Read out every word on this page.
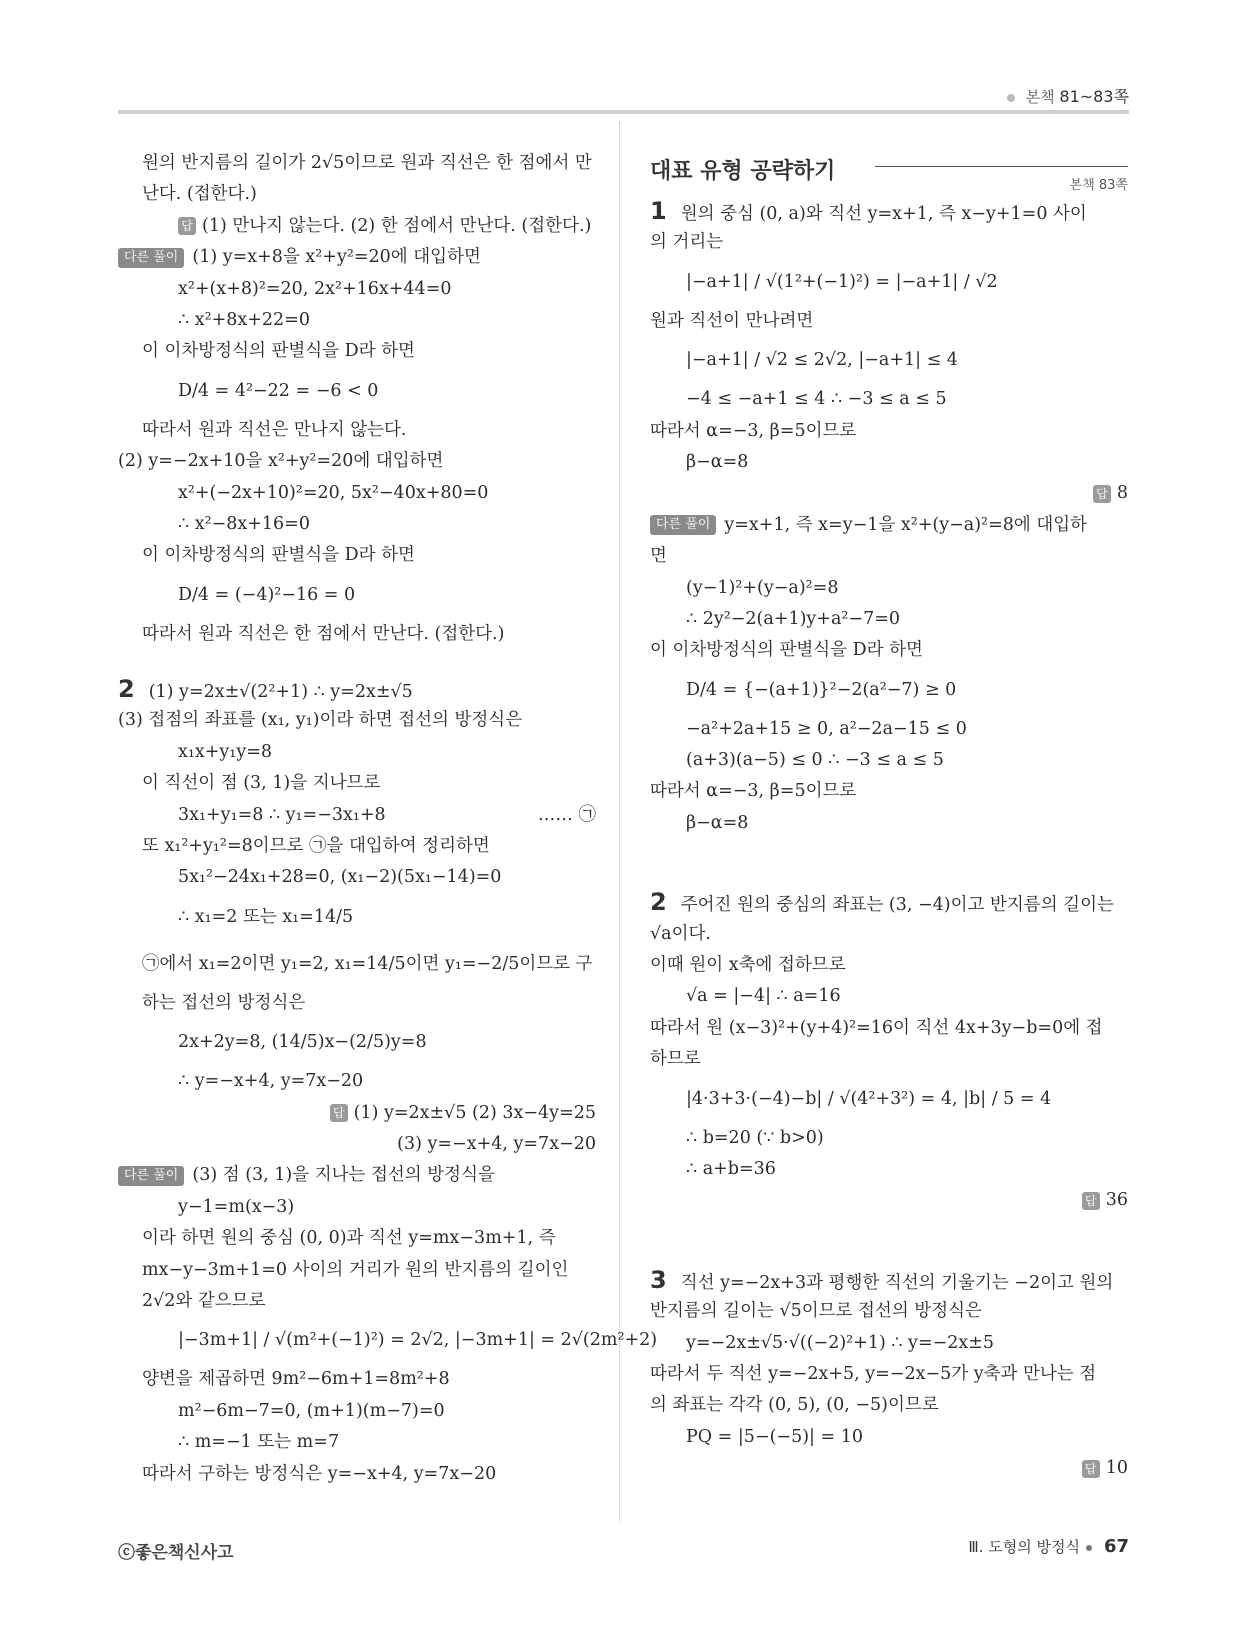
본책 81~83쪽
원의 반지름의 길이가 2√5이므로 원과 직선은 한 점에서 만
난다. (접한다.)
답 (1) 만나지 않는다. (2) 한 점에서 만난다. (접한다.)
다른 풀이 (1) y=x+8을 x²+y²=20에 대입하면
x²+(x+8)²=20, 2x²+16x+44=0
∴ x²+8x+22=0
이 이차방정식의 판별식을 D라 하면
D/4 = 4²−22 = −6 < 0
따라서 원과 직선은 만나지 않는다.
(2) y=−2x+10을 x²+y²=20에 대입하면
x²+(−2x+10)²=20, 5x²−40x+80=0
∴ x²−8x+16=0
이 이차방정식의 판별식을 D라 하면
D/4 = (−4)²−16 = 0
따라서 원과 직선은 한 점에서 만난다. (접한다.)
2 (1) y=2x±√(2²+1) ∴ y=2x±√5
(3) 접점의 좌표를 (x₁, y₁)이라 하면 접선의 방정식은
x₁x+y₁y=8
이 직선이 점 (3, 1)을 지나므로
3x₁+y₁=8 ∴ y₁=−3x₁+8	…… ㉠
또 x₁²+y₁²=8이므로 ㉠을 대입하여 정리하면
5x₁²−24x₁+28=0, (x₁−2)(5x₁−14)=0
∴ x₁=2 또는 x₁=14/5
㉠에서 x₁=2이면 y₁=2, x₁=14/5이면 y₁=−2/5이므로 구
하는 접선의 방정식은
2x+2y=8, (14/5)x−(2/5)y=8
∴ y=−x+4, y=7x−20
답 (1) y=2x±√5 (2) 3x−4y=25
(3) y=−x+4, y=7x−20
다른 풀이 (3) 점 (3, 1)을 지나는 접선의 방정식을
y−1=m(x−3)
이라 하면 원의 중심 (0, 0)과 직선 y=mx−3m+1, 즉
mx−y−3m+1=0 사이의 거리가 원의 반지름의 길이인
2√2와 같으므로
|−3m+1| / √(m²+(−1)²) = 2√2, |−3m+1| = 2√(2m²+2)
양변을 제곱하면 9m²−6m+1=8m²+8
m²−6m−7=0, (m+1)(m−7)=0
∴ m=−1 또는 m=7
따라서 구하는 방정식은 y=−x+4, y=7x−20
대표 유형 공략하기
본책 83쪽
1 원의 중심 (0, a)와 직선 y=x+1, 즉 x−y+1=0 사이
의 거리는
|−a+1| / √(1²+(−1)²) = |−a+1| / √2
원과 직선이 만나려면
|−a+1| / √2 ≤ 2√2, |−a+1| ≤ 4
−4 ≤ −a+1 ≤ 4 ∴ −3 ≤ a ≤ 5
따라서 α=−3, β=5이므로
β−α=8
답 8
다른 풀이 y=x+1, 즉 x=y−1을 x²+(y−a)²=8에 대입하
면
(y−1)²+(y−a)²=8
∴ 2y²−2(a+1)y+a²−7=0
이 이차방정식의 판별식을 D라 하면
D/4 = {−(a+1)}²−2(a²−7) ≥ 0
−a²+2a+15 ≥ 0, a²−2a−15 ≤ 0
(a+3)(a−5) ≤ 0 ∴ −3 ≤ a ≤ 5
따라서 α=−3, β=5이므로
β−α=8
2 주어진 원의 중심의 좌표는 (3, −4)이고 반지름의 길이는
√a이다.
이때 원이 x축에 접하므로
√a = |−4| ∴ a=16
따라서 원 (x−3)²+(y+4)²=16이 직선 4x+3y−b=0에 접
하므로
|4·3+3·(−4)−b| / √(4²+3²) = 4, |b| / 5 = 4
∴ b=20 (∵ b>0)
∴ a+b=36
답 36
3 직선 y=−2x+3과 평행한 직선의 기울기는 −2이고 원의
반지름의 길이는 √5이므로 접선의 방정식은
y=−2x±√5·√((−2)²+1) ∴ y=−2x±5
따라서 두 직선 y=−2x+5, y=−2x−5가 y축과 만나는 점
의 좌표는 각각 (0, 5), (0, −5)이므로
PQ = |5−(−5)| = 10
답 10
ⓒ좋은책신사고	Ⅲ. 도형의 방정식 67
